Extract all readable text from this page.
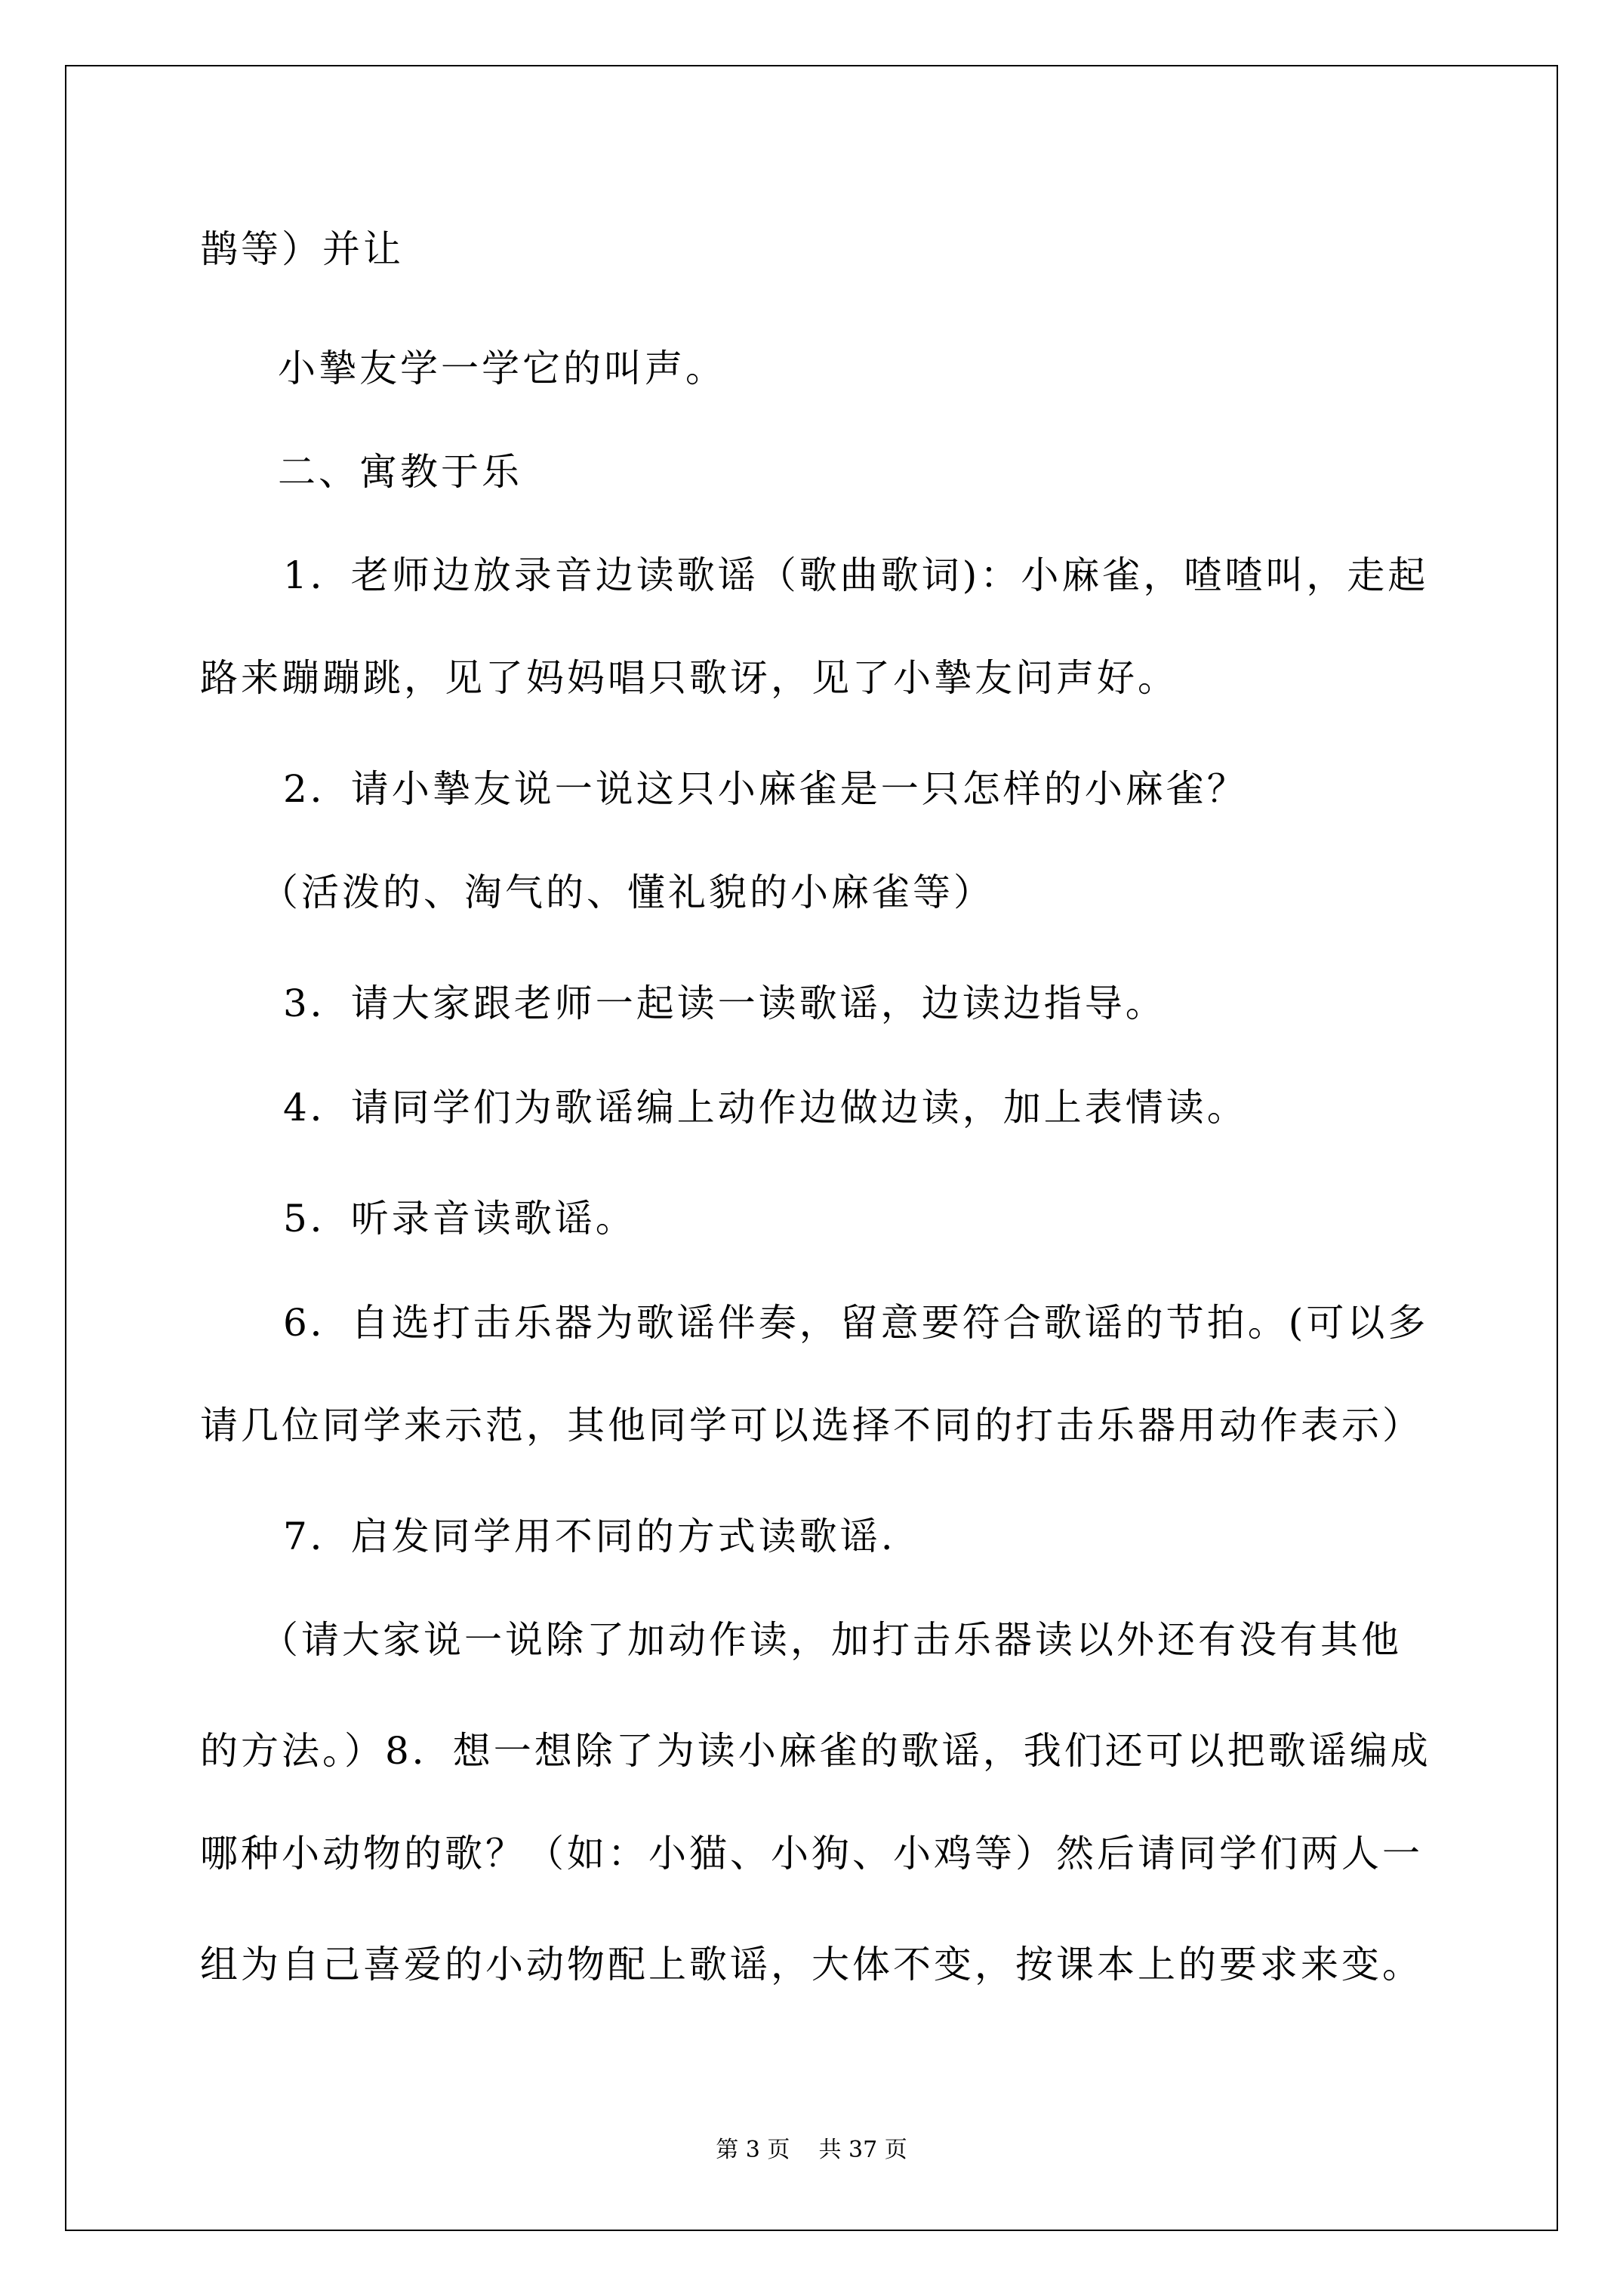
鹊等）并让
小摯友学一学它的叫声。
二、寓教于乐
1．老师边放录音边读歌谣（歌曲歌词)：小麻雀，喳喳叫，走起
路来蹦蹦跳，见了妈妈唱只歌讶，见了小摯友问声好。
2．请小摯友说一说这只小麻雀是一只怎样的小麻雀？
（活泼的、淘气的、懂礼貌的小麻雀等）
3．请大家跟老师一起读一读歌谣，边读边指导。
4．请同学们为歌谣编上动作边做边读，加上表情读。
5．听录音读歌谣。
6．自选打击乐器为歌谣伴奏，留意要符合歌谣的节拍。(可以多
请几位同学来示范，其他同学可以选择不同的打击乐器用动作表示）
7．启发同学用不同的方式读歌谣.
（请大家说一说除了加动作读，加打击乐器读以外还有没有其他
的方法。）8．想一想除了为读小麻雀的歌谣，我们还可以把歌谣编成
哪种小动物的歌？（如：小猫、小狗、小鸡等）然后请同学们两人一
组为自己喜爱的小动物配上歌谣，大体不变，按课本上的要求来变。
第 3 页    共 37 页
